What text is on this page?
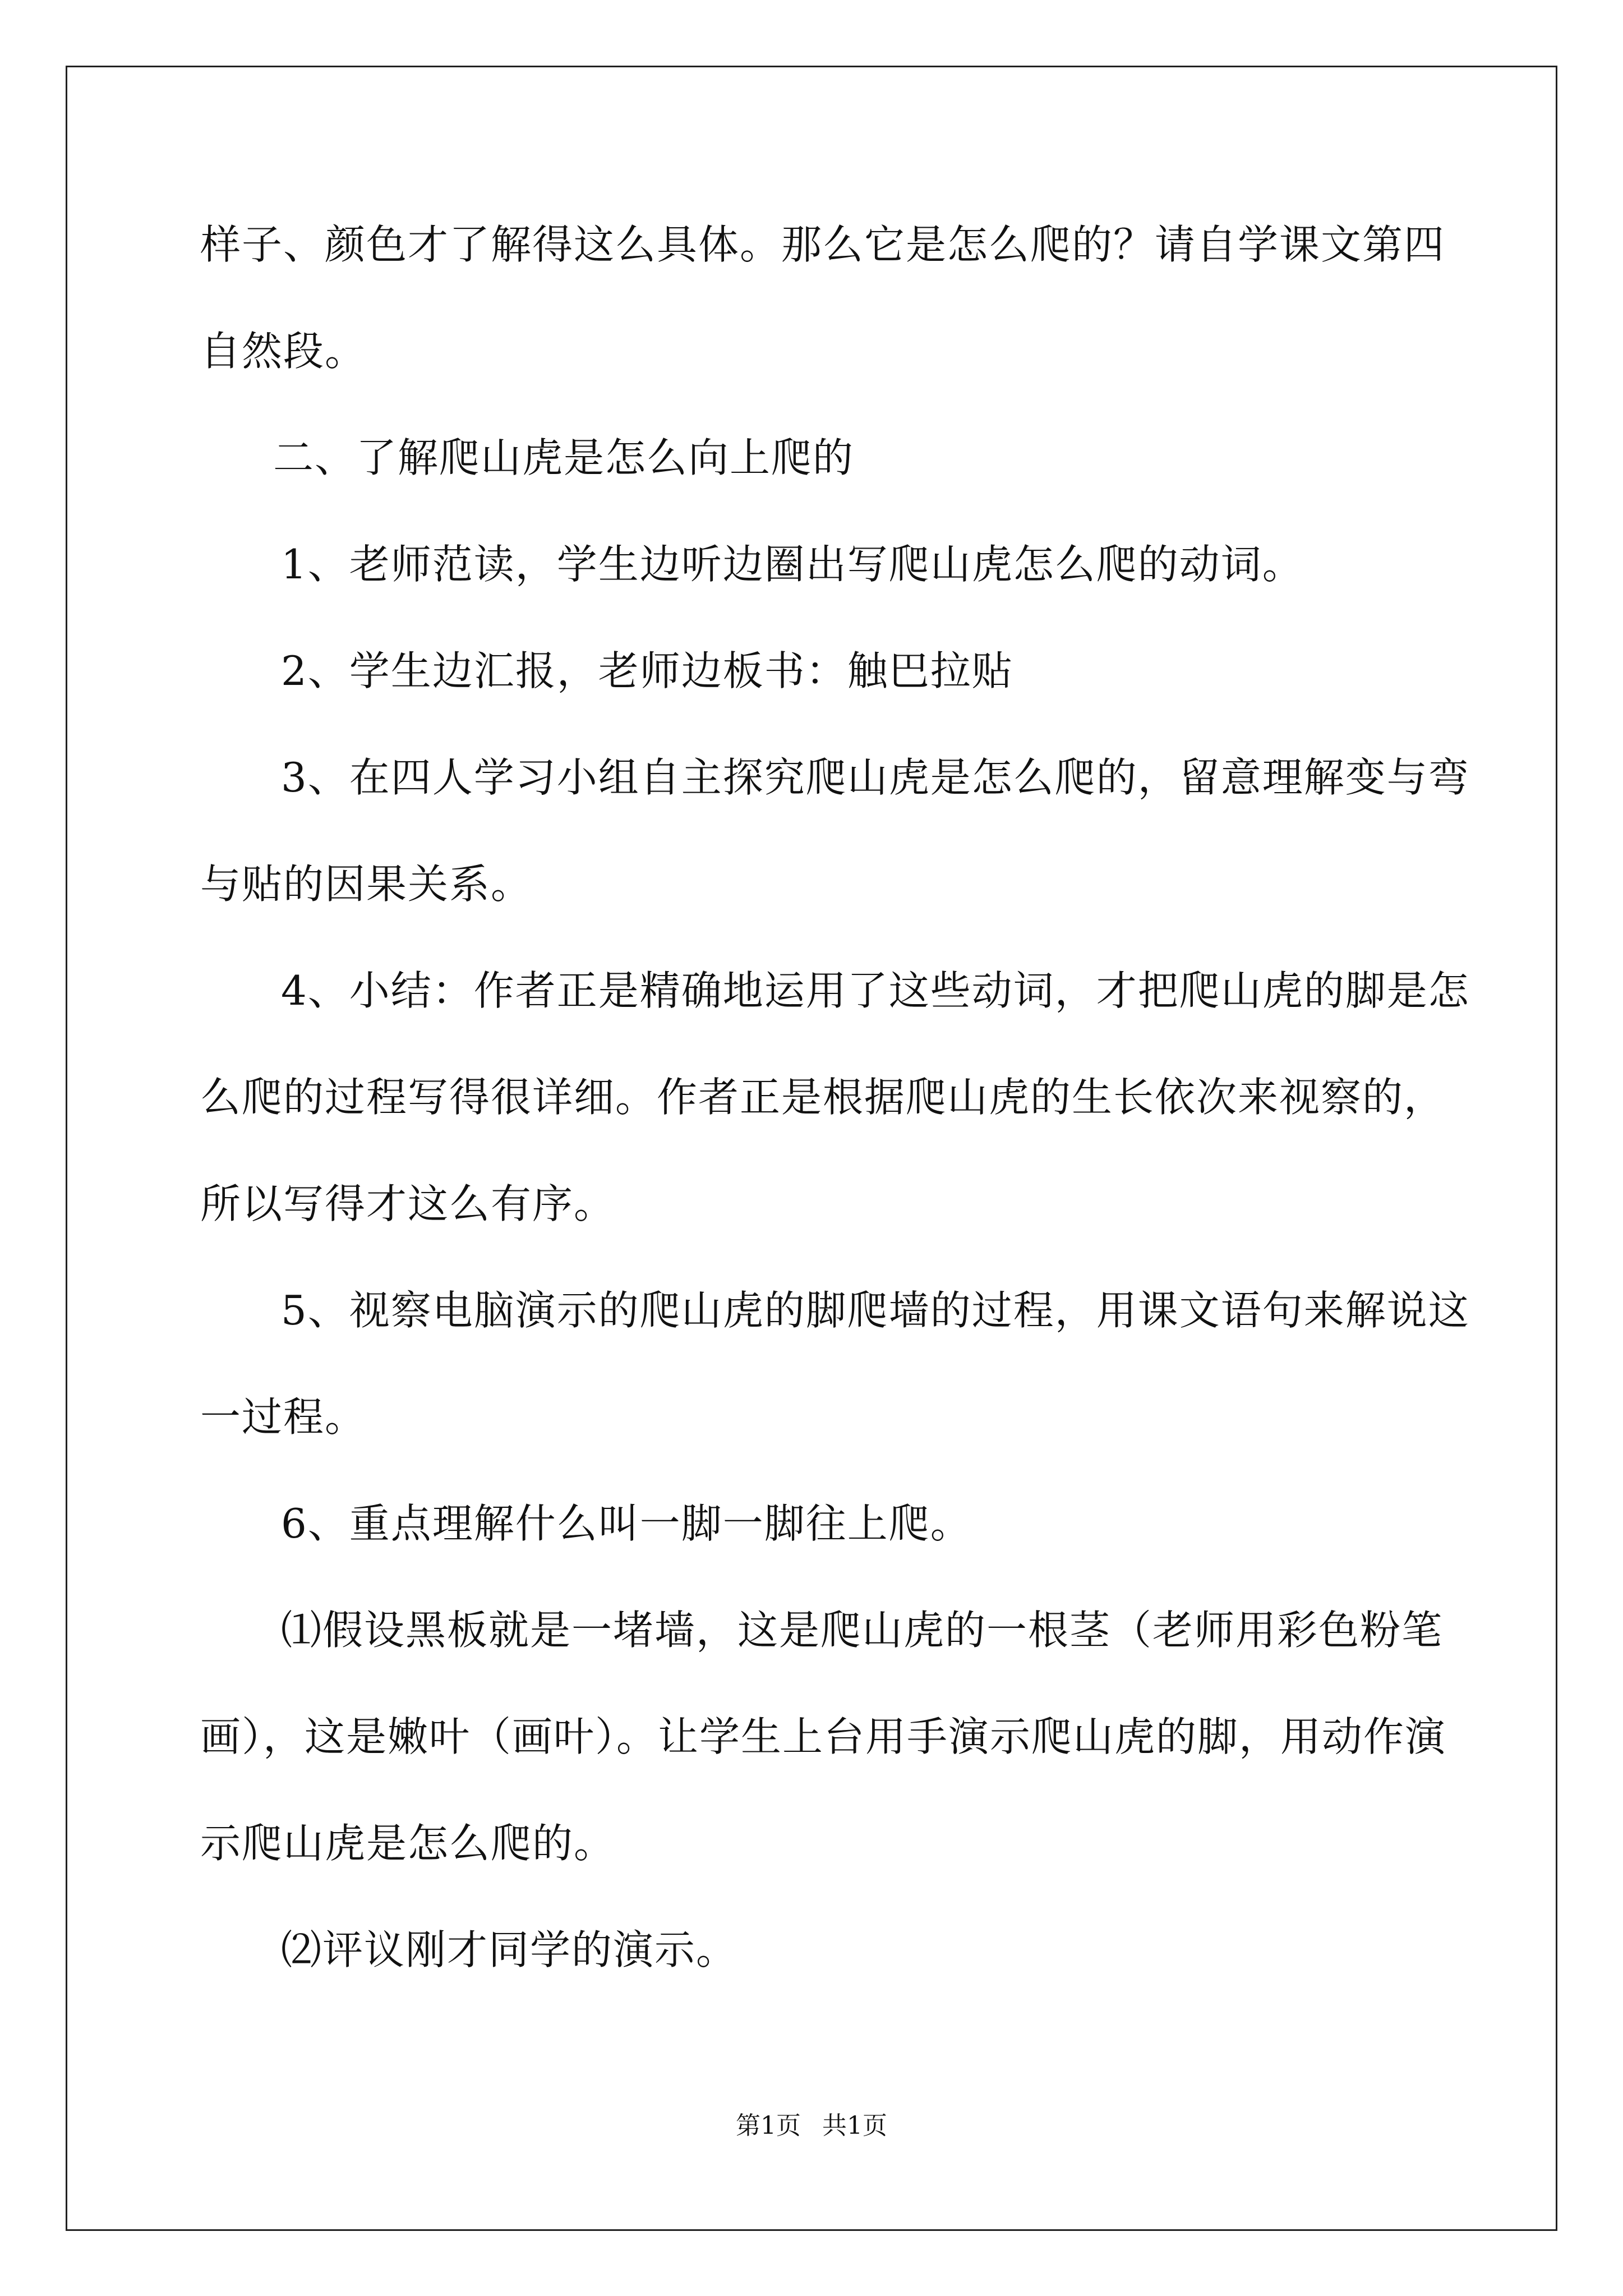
样子、颜色才了解得这么具体。那么它是怎么爬的？请自学课文第四
自然段。
二、了解爬山虎是怎么向上爬的
1、老师范读，学生边听边圈出写爬山虎怎么爬的动词。
2、学生边汇报，老师边板书：触巴拉贴
3、在四人学习小组自主探究爬山虎是怎么爬的，留意理解变与弯
与贴的因果关系。
4、小结：作者正是精确地运用了这些动词，才把爬山虎的脚是怎
么爬的过程写得很详细。作者正是根据爬山虎的生长依次来视察的，
所以写得才这么有序。
5、视察电脑演示的爬山虎的脚爬墙的过程，用课文语句来解说这
一过程。
6、重点理解什么叫一脚一脚往上爬。
⑴假设黑板就是一堵墙，这是爬山虎的一根茎（老师用彩色粉笔
画），这是嫩叶（画叶）。让学生上台用手演示爬山虎的脚，用动作演
示爬山虎是怎么爬的。
⑵评议刚才同学的演示。
第1页 共1页
